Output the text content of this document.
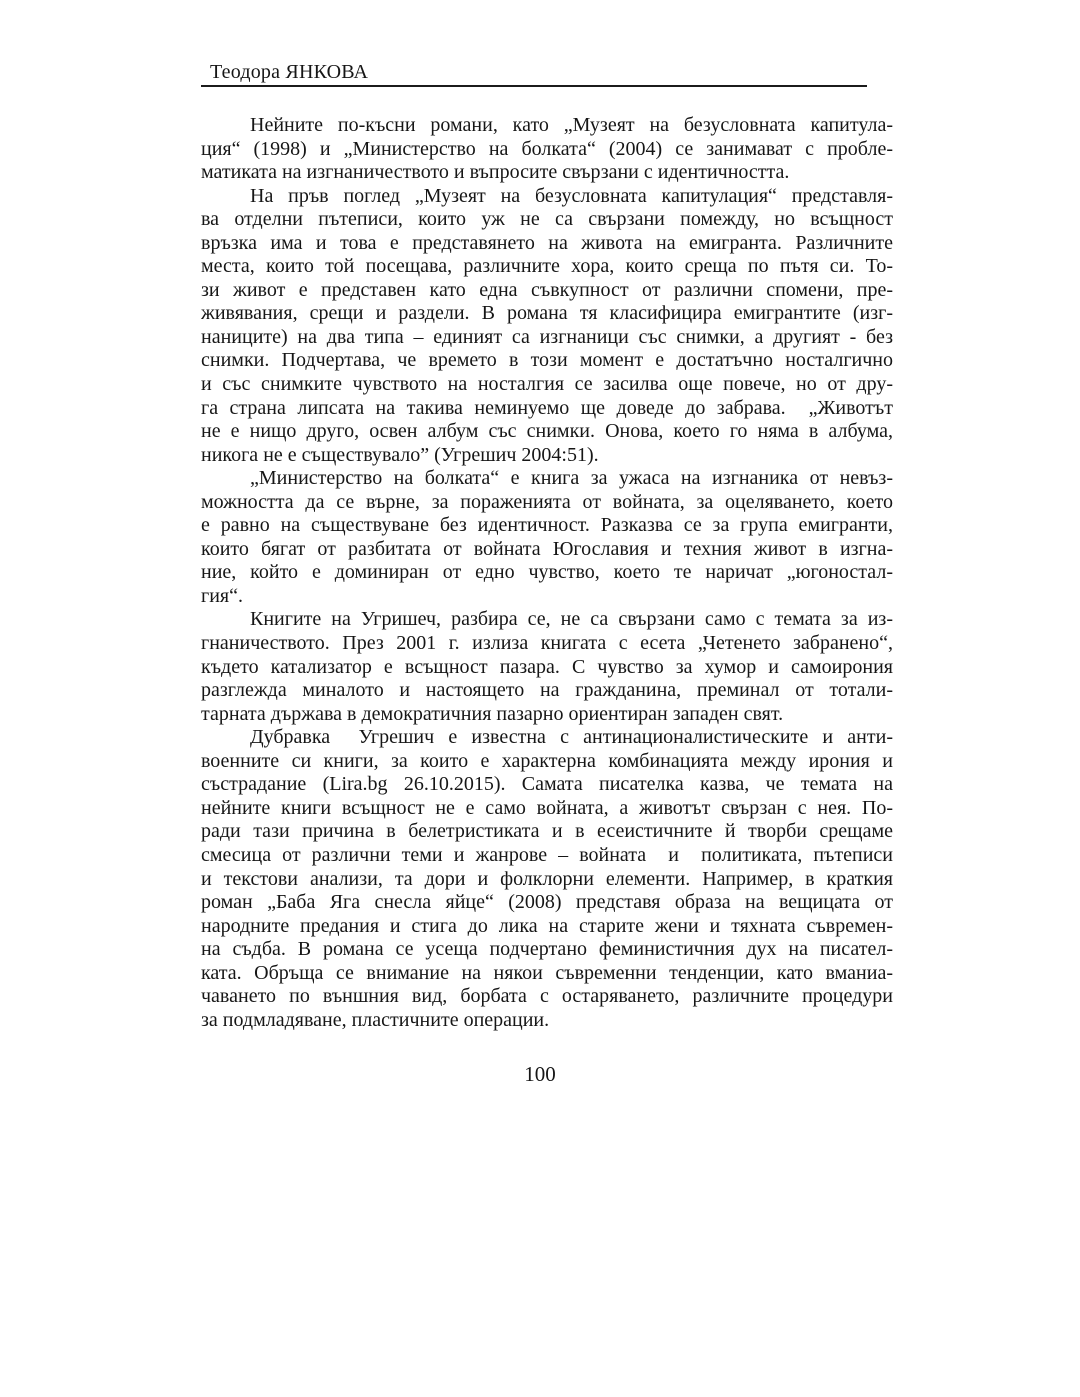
Теодора ЯНКОВА
Нейните по-късни романи, като „Музеят на безусловната капитула-
ция“ (1998) и „Министерство на болката“ (2004) се занимават с пробле-
матиката на изгнаничеството и въпросите свързани с идентичността.
На пръв поглед „Музеят на безусловната капитулация“ представля-
ва отделни пътеписи, които уж не са свързани помежду, но всъщност
връзка има и това е представянето на живота на емигранта. Различните
места, които той посещава, различните хора, които среща по пътя си. То-
зи живот е представен като една съвкупност от различни спомени, пре-
живявания, срещи и раздели. В романа тя класифицира емигрантите (изг-
наниците) на два типа – единият са изгнаници със снимки, а другият - без
снимки. Подчертава, че времето в този момент е достатъчно носталгично
и със снимките чувството на носталгия се засилва още повече, но от дру-
га страна липсата на такива неминуемо ще доведе до забрава.  „Животът
не е нищо друго, освен албум със снимки. Онова, което го няма в албума,
никога не е съществувало” (Угрешич 2004:51).
„Министерство на болката“ е книга за ужаса на изгнаника от невъз-
можността да се върне, за пораженията от войната, за оцеляването, което
е равно на съществуване без идентичност. Разказва се за група емигранти,
които бягат от разбитата от войната Югославия и техния живот в изгна-
ние, който е доминиран от едно чувство, което те наричат „югоностал-
гия“.
Книгите на Угришеч, разбира се, не са свързани само с темата за из-
гнаничеството. През 2001 г. излиза книгата с есета „Четенето забранено“,
където катализатор е всъщност пазара. С чувство за хумор и самоирония
разглежда миналото и настоящето на гражданина, преминал от тотали-
тарната държава в демократичния пазарно ориентиран западен свят.
Дубравка  Угрешич е известна с антинационалистическите и анти-
военните си книги, за които е характерна комбинацията между ирония и
състрадание (Lira.bg 26.10.2015). Самата писателка казва, че темата на
нейните книги всъщност не е само войната, а животът свързан с нея. По-
ради тази причина в белетристиката и в есеистичните й творби срещаме
смесица от различни теми и жанрове – войната  и  политиката, пътеписи
и текстови анализи, та дори и фолклорни елементи. Например, в краткия
роман „Баба Яга снесла яйце“ (2008) представя образа на вещицата от
народните предания и стига до лика на старите жени и тяхната съвремен-
на съдба. В романа се усеща подчертано феминистичния дух на писател-
ката. Обръща се внимание на някои съвременни тенденции, като вманиа-
чаването по външния вид, борбата с остаряването, различните процедури
за подмладяване, пластичните операции.
100
